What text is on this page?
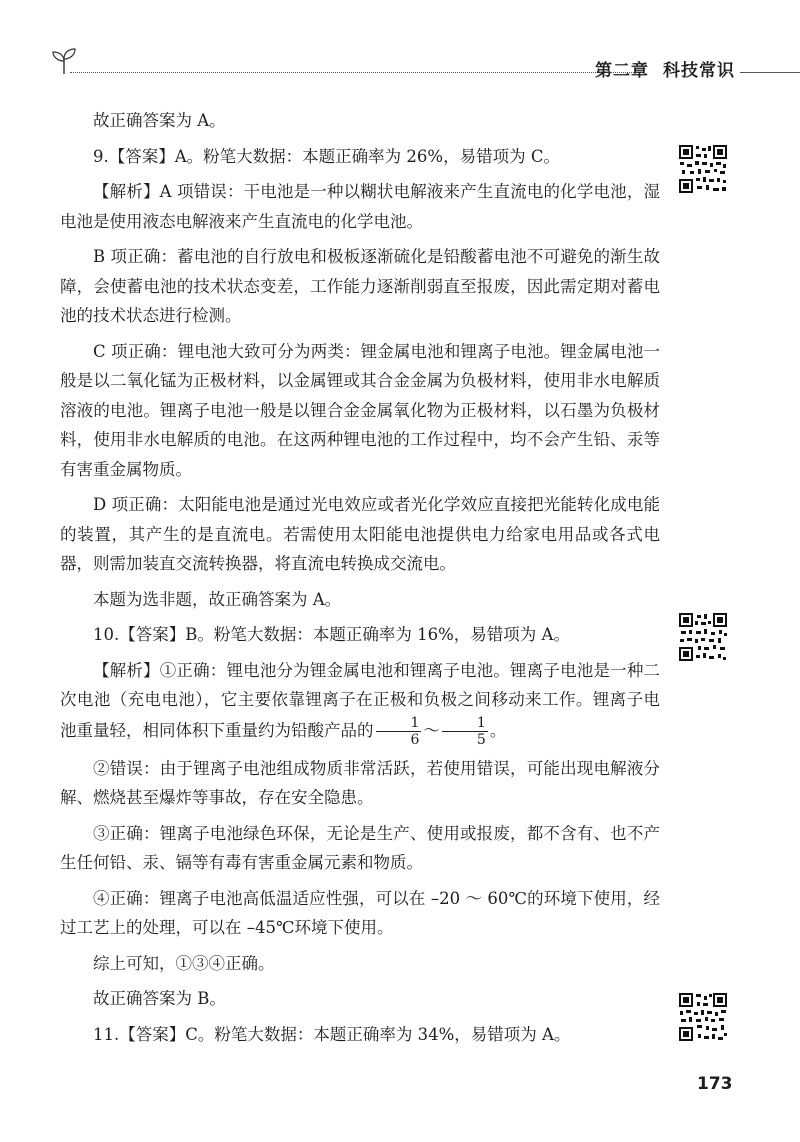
第二章 科技常识

故正确答案为 A。

9.【答案】A。粉笔大数据：本题正确率为 26%，易错项为 C。

【解析】A 项错误：干电池是一种以糊状电解液来产生直流电的化学电池，湿电池是使用液态电解液来产生直流电的化学电池。

B 项正确：蓄电池的自行放电和极板逐渐硫化是铅酸蓄电池不可避免的渐生故障，会使蓄电池的技术状态变差，工作能力逐渐削弱直至报废，因此需定期对蓄电池的技术状态进行检测。

C 项正确：锂电池大致可分为两类：锂金属电池和锂离子电池。锂金属电池一般是以二氧化锰为正极材料，以金属锂或其合金金属为负极材料，使用非水电解质溶液的电池。锂离子电池一般是以锂合金金属氧化物为正极材料，以石墨为负极材料，使用非水电解质的电池。在这两种锂电池的工作过程中，均不会产生铅、汞等有害重金属物质。

D 项正确：太阳能电池是通过光电效应或者光化学效应直接把光能转化成电能的装置，其产生的是直流电。若需使用太阳能电池提供电力给家电用品或各式电器，则需加装直交流转换器，将直流电转换成交流电。

本题为选非题，故正确答案为 A。

10.【答案】B。粉笔大数据：本题正确率为 16%，易错项为 A。

【解析】①正确：锂电池分为锂金属电池和锂离子电池。锂离子电池是一种二次电池（充电电池），它主要依靠锂离子在正极和负极之间移动来工作。锂离子电池重量轻，相同体积下重量约为铅酸产品的 $\frac{1}{6}$ ～ $\frac{1}{5}$ 。

②错误：由于锂离子电池组成物质非常活跃，若使用错误，可能出现电解液分解、燃烧甚至爆炸等事故，存在安全隐患。

③正确：锂离子电池绿色环保，无论是生产、使用或报废，都不含有、也不产生任何铅、汞、镉等有毒有害重金属元素和物质。

④正确：锂离子电池高低温适应性强，可以在 –20 ～ 60℃的环境下使用，经过工艺上的处理，可以在 –45℃环境下使用。

综上可知，①③④正确。

故正确答案为 B。

11.【答案】C。粉笔大数据：本题正确率为 34%，易错项为 A。

173
